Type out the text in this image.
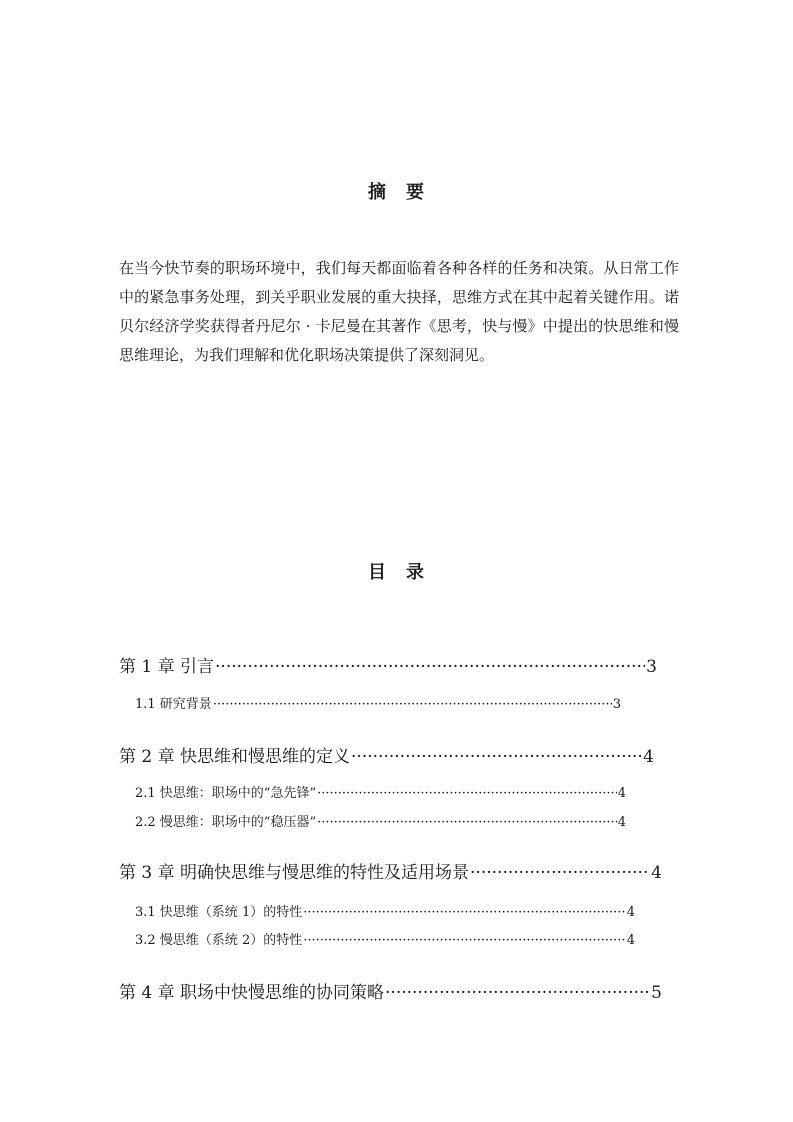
摘　要

在当今快节奏的职场环境中，我们每天都面临着各种各样的任务和决策。从日常工作中的紧急事务处理，到关乎职业发展的重大抉择，思维方式在其中起着关键作用。诺贝尔经济学奖获得者丹尼尔 · 卡尼曼在其著作《思考，快与慢》中提出的快思维和慢思维理论，为我们理解和优化职场决策提供了深刻洞见。

目　录
第 1 章 引言 ·····	3
1.1 研究背景 ·····	3
第 2 章 快思维和慢思维的定义 ·····	4
2.1 快思维：职场中的“急先锋” ·····	4
2.2 慢思维：职场中的“稳压器” ·····	4
第 3 章 明确快思维与慢思维的特性及适用场景 ·····	4
3.1 快思维（系统 1）的特性 ·····	4
3.2 慢思维（系统 2）的特性 ·····	4
第 4 章 职场中快慢思维的协同策略 ·····	5
